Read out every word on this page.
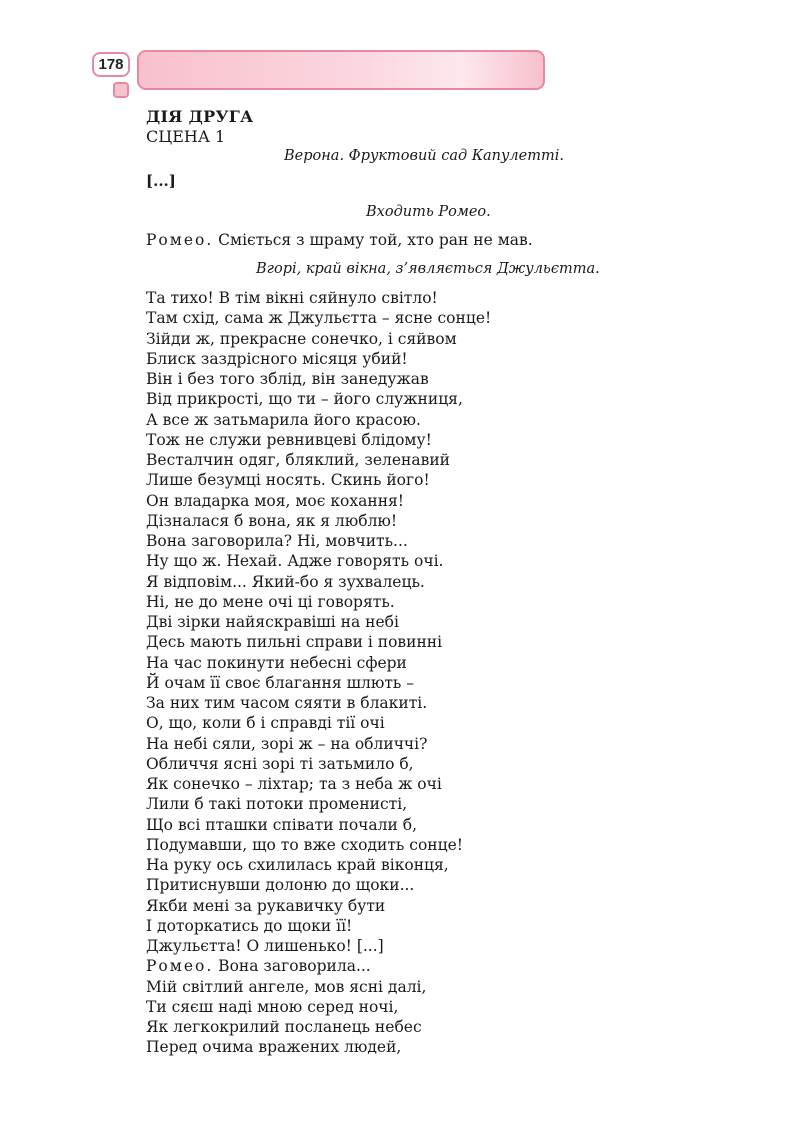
178
ДІЯ ДРУГА
СЦЕНА 1
Верона. Фруктовий сад Капулетті.
[...]
Входить Ромео.
Ромео. Сміється з шраму той, хто ран не мав.
Вгорі, край вікна, з’являється Джульєтта.
Та тихо! В тім вікні сяйнуло світло!
Там схід, сама ж Джульєтта – ясне сонце!
Зійди ж, прекрасне сонечко, і сяйвом
Блиск заздрісного місяця убий!
Він і без того зблід, він занедужав
Від прикрості, що ти – його служниця,
А все ж затьмарила його красою.
Тож не служи ревнивцеві блідому!
Весталчин одяг, бляклий, зеленавий
Лише безумці носять. Скинь його!
Он владарка моя, моє кохання!
Дізналася б вона, як я люблю!
Вона заговорила? Ні, мовчить...
Ну що ж. Нехай. Адже говорять очі.
Я відповім... Який-бо я зухвалець.
Ні, не до мене очі ці говорять.
Дві зірки найяскравіші на небі
Десь мають пильні справи і повинні
На час покинути небесні сфери
Й очам її своє благання шлють –
За них тим часом сяяти в блакиті.
О, що, коли б і справді тії очі
На небі сяли, зорі ж – на обличчі?
Обличчя ясні зорі ті затьмило б,
Як сонечко – ліхтар; та з неба ж очі
Лили б такі потоки променисті,
Що всі пташки співати почали б,
Подумавши, що то вже сходить сонце!
На руку ось схилилась край віконця,
Притиснувши долоню до щоки...
Якби мені за рукавичку бути
І доторкатись до щоки її!
Джульєтта! О лишенько! [...]
Ромео. Вона заговорила...
Мій світлий ангеле, мов ясні далі,
Ти сяєш наді мною серед ночі,
Як легкокрилий посланець небес
Перед очима вражених людей,
